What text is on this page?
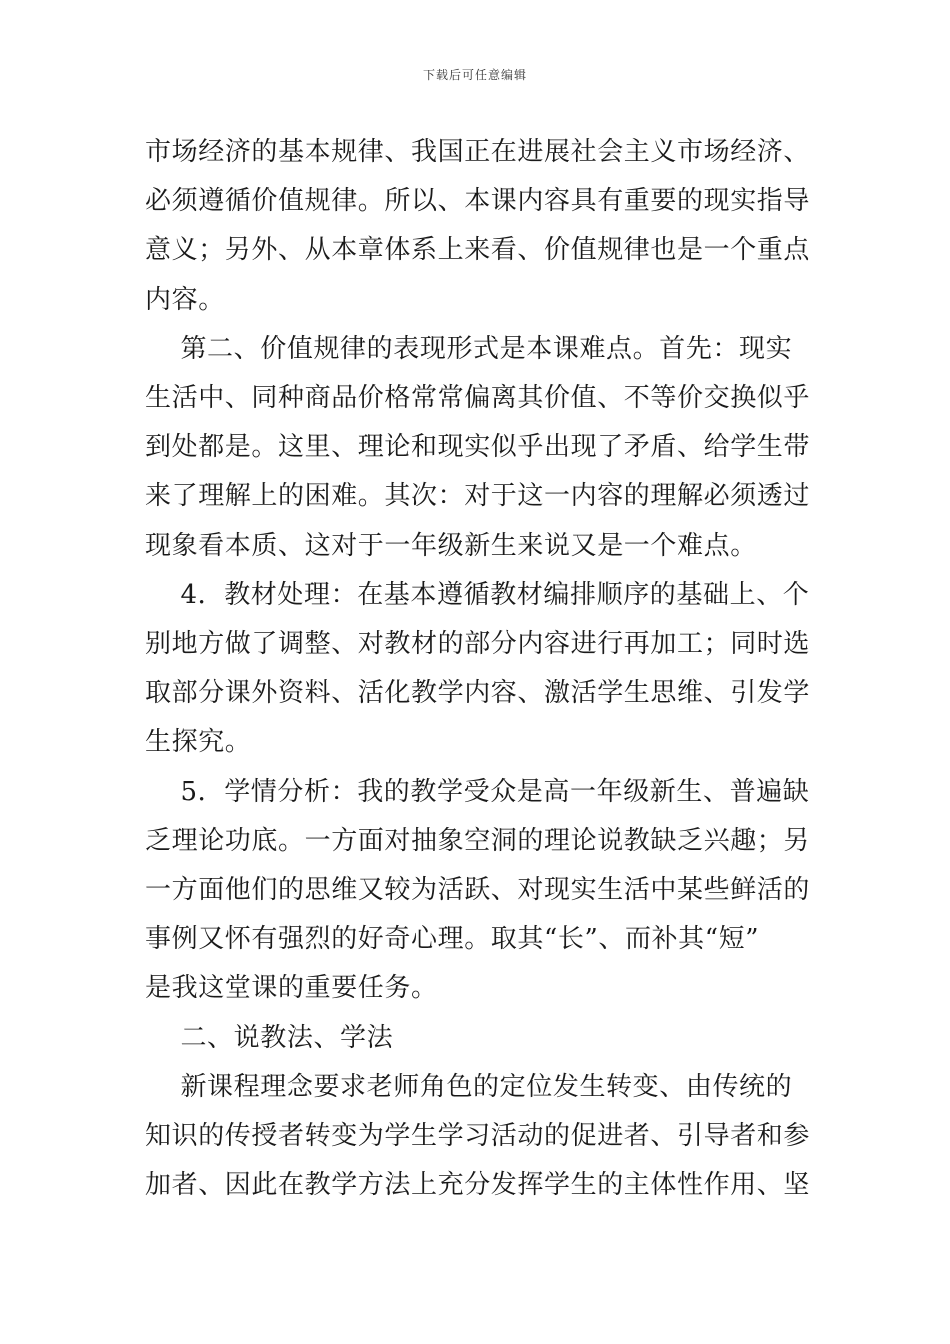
下载后可任意编辑

市场经济的基本规律、我国正在进展社会主义市场经济、

必须遵循价值规律。所以、本课内容具有重要的现实指导

意义；另外、从本章体系上来看、价值规律也是一个重点

内容。

第二、价值规律的表现形式是本课难点。首先：现实

生活中、同种商品价格常常偏离其价值、不等价交换似乎

到处都是。这里、理论和现实似乎出现了矛盾、给学生带

来了理解上的困难。其次：对于这一内容的理解必须透过

现象看本质、这对于一年级新生来说又是一个难点。

4．教材处理：在基本遵循教材编排顺序的基础上、个

别地方做了调整、对教材的部分内容进行再加工；同时选

取部分课外资料、活化教学内容、激活学生思维、引发学

生探究。

5．学情分析：我的教学受众是高一年级新生、普遍缺

乏理论功底。一方面对抽象空洞的理论说教缺乏兴趣；另

一方面他们的思维又较为活跃、对现实生活中某些鲜活的

事例又怀有强烈的好奇心理。取其“长”、而补其“短”

是我这堂课的重要任务。

二、说教法、学法

新课程理念要求老师角色的定位发生转变、由传统的

知识的传授者转变为学生学习活动的促进者、引导者和参

加者、因此在教学方法上充分发挥学生的主体性作用、坚
